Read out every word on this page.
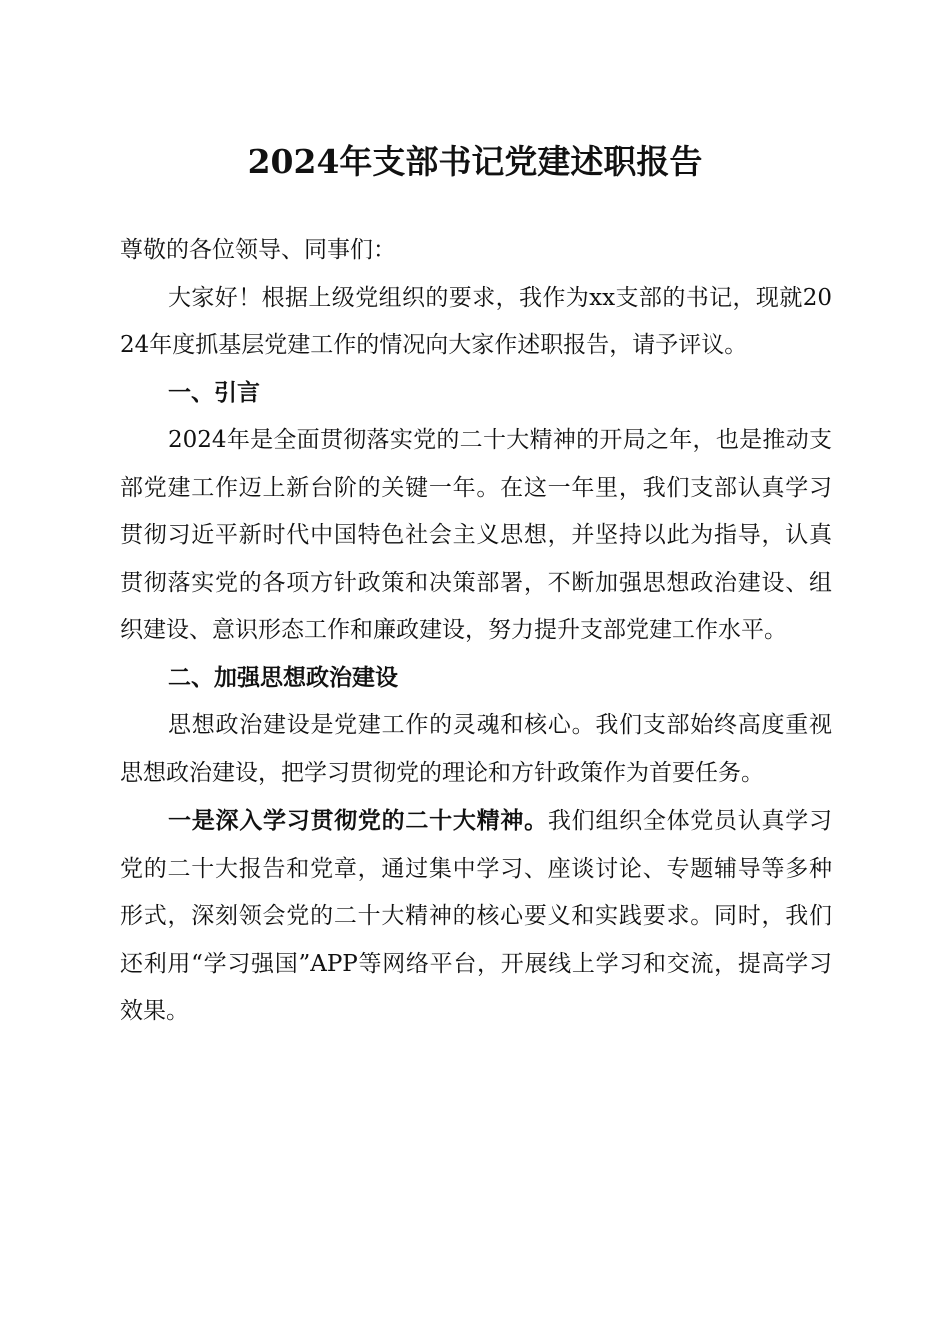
2024年支部书记党建述职报告

尊敬的各位领导、同事们：

大家好！根据上级党组织的要求，我作为xx支部的书记，现就2024年度抓基层党建工作的情况向大家作述职报告，请予评议。

一、引言

2024年是全面贯彻落实党的二十大精神的开局之年，也是推动支部党建工作迈上新台阶的关键一年。在这一年里，我们支部认真学习贯彻习近平新时代中国特色社会主义思想，并坚持以此为指导，认真贯彻落实党的各项方针政策和决策部署，不断加强思想政治建设、组织建设、意识形态工作和廉政建设，努力提升支部党建工作水平。

二、加强思想政治建设

思想政治建设是党建工作的灵魂和核心。我们支部始终高度重视思想政治建设，把学习贯彻党的理论和方针政策作为首要任务。

一是深入学习贯彻党的二十大精神。我们组织全体党员认真学习党的二十大报告和党章，通过集中学习、座谈讨论、专题辅导等多种形式，深刻领会党的二十大精神的核心要义和实践要求。同时，我们还利用“学习强国”APP等网络平台，开展线上学习和交流，提高学习效果。
